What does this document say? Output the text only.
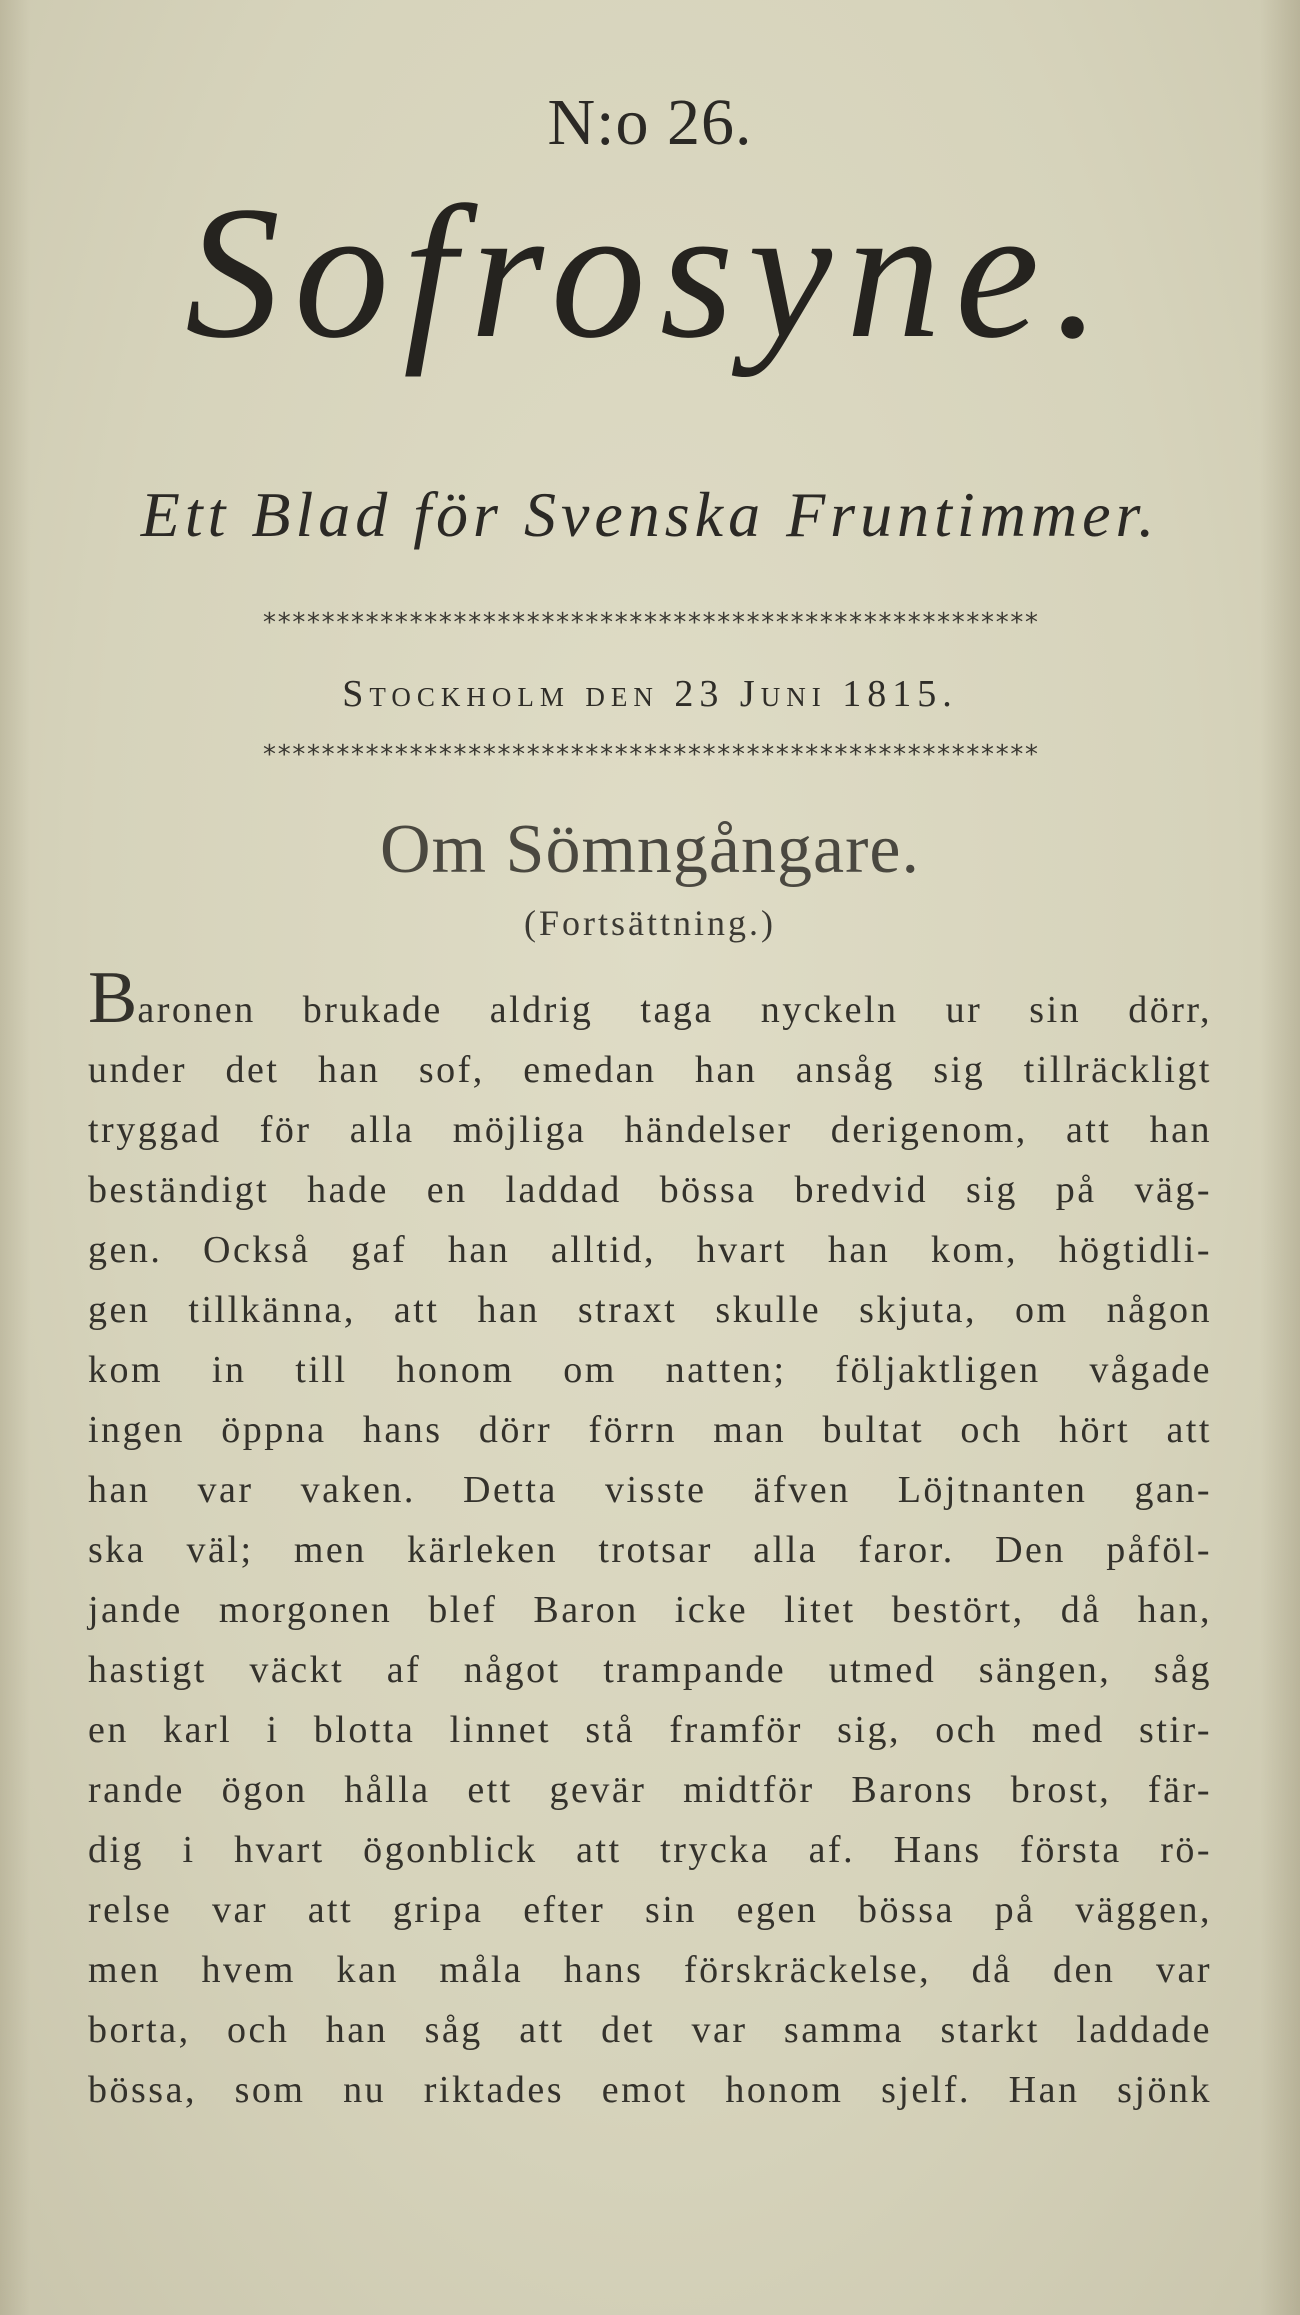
N:o 26.
Sofrosyne.
Ett Blad för Svenska Fruntimmer.
*****************************************************
Stockholm den 23 Juni 1815.
*****************************************************
Om Sömngångare.
(Fortsättning.)
Baronen brukade aldrig taga nyckeln ur sin dörr,
under det han sof, emedan han ansåg sig tillräckligt
tryggad för alla möjliga händelser derigenom, att han
beständigt hade en laddad bössa bredvid sig på väg-
gen. Också gaf han alltid, hvart han kom, högtidli-
gen tillkänna, att han straxt skulle skjuta, om någon
kom in till honom om natten; följaktligen vågade
ingen öppna hans dörr förrn man bultat och hört att
han var vaken. Detta visste äfven Löjtnanten gan-
ska väl; men kärleken trotsar alla faror. Den påföl-
jande morgonen blef Baron icke litet bestört, då han,
hastigt väckt af något trampande utmed sängen, såg
en karl i blotta linnet stå framför sig, och med stir-
rande ögon hålla ett gevär midtför Barons brost, fär-
dig i hvart ögonblick att trycka af. Hans första rö-
relse var att gripa efter sin egen bössa på väggen,
men hvem kan måla hans förskräckelse, då den var
borta, och han såg att det var samma starkt laddade
bössa, som nu riktades emot honom sjelf. Han sjönk
